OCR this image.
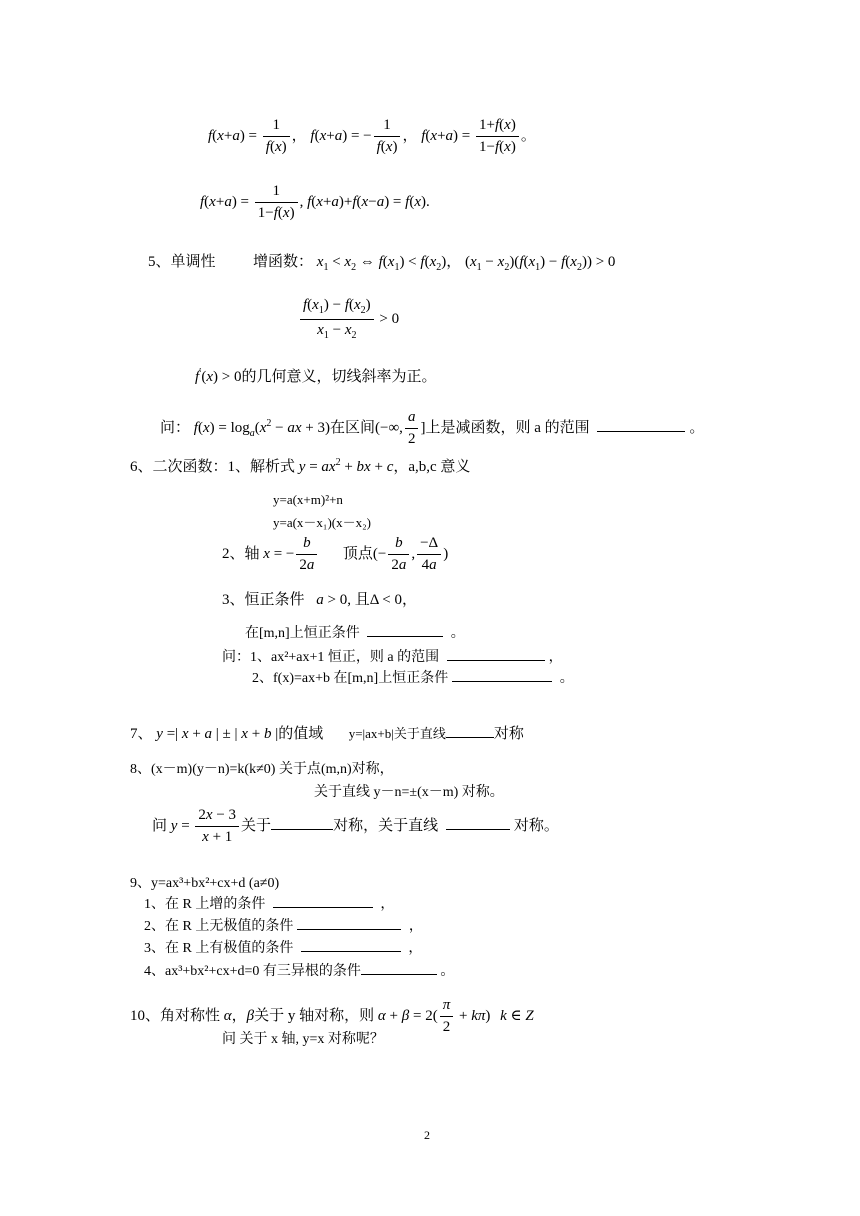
$f(x+a) = \frac{1}{f(x)}$ ， f(x+a) = − $\frac{1}{f(x)}$ ， $f(x+a) = \frac{1+f(x)}{1-f(x)}$ 。
$f(x+a) = \frac{1}{1-f(x)}$ , f(x+a)+f(x−a) = f(x).
5、单调性	增函数： $x_1 < x_2$ ⇔ $f(x_1) < f(x_2)$， $(x_1 - x_2)(f(x_1) - f(x_2)) > 0$
$\frac{f(x_1) - f(x_2)}{x_1 - x_2} > 0$
f′(x) > 0的几何意义，切线斜率为正。
问： $f(x) = \log_a(x^2$ − ax + 3)在区间(−∞, $\frac{a}{2}$ ]上是减函数，则 a 的范围	。
6、二次函数：1、解析式 $y = ax^2$ + bx + c，a,b,c 意义
y=a(x+m)²+n
y=a(x－x₁)(x－x₂)
2、轴 x = − $\frac{b}{2a}$ 顶点(− $\frac{b}{2a}$ , $\frac{-\Delta}{4a}$ )
3、恒正条件 a > 0, 且Δ < 0，
在[m,n]上恒正条件	。
问：1、ax²+ax+1 恒正，则 a 的范围	，
2、f(x)=ax+b 在[m,n]上恒正条件	。
7、 y =| x + a | ± | x + b |的值域 y=|ax+b|关于直线	对称
8、(x－m)(y－n)=k(k≠0) 关于点(m,n)对称，
关于直线 y－n=±(x－m) 对称。
问 $y = \frac{2x - 3}{x + 1}$ 关于	对称，关于直线	对称。
9、y=ax³+bx²+cx+d (a≠0)
1、在 R 上增的条件	，
2、在 R 上无极值的条件	，
3、在 R 上有极值的条件	，
4、ax³+bx²+cx+d=0 有三异根的条件	。
10、角对称性 α，β关于 y 轴对称，则 $\alpha + \beta = 2( \frac{\pi}{2} + k\pi)$ k ∈ Z
问 关于 x 轴, y=x 对称呢？
2
